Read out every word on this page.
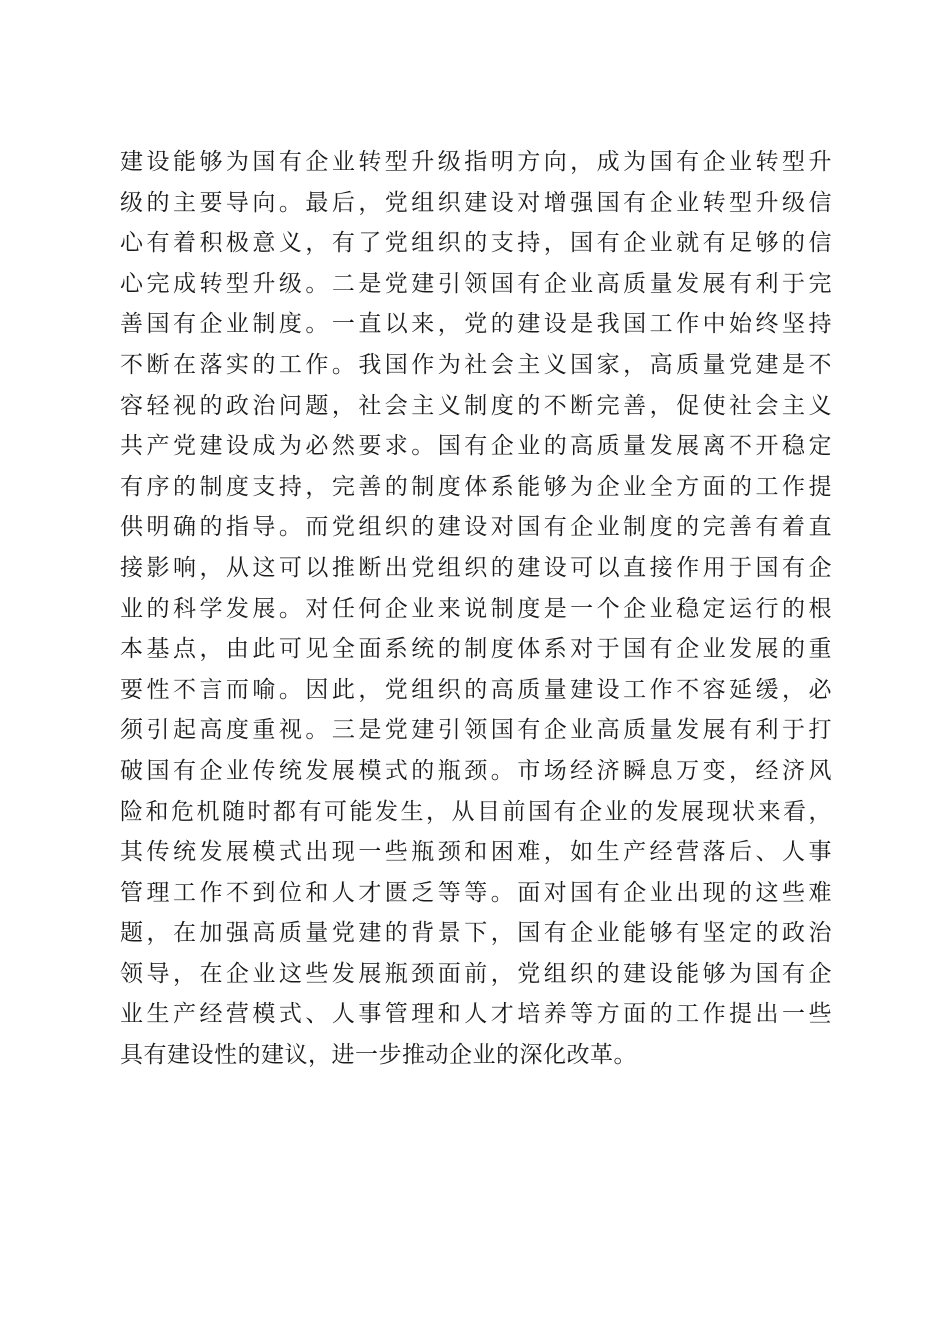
建设能够为国有企业转型升级指明方向，成为国有企业转型升
级的主要导向。最后，党组织建设对增强国有企业转型升级信
心有着积极意义，有了党组织的支持，国有企业就有足够的信
心完成转型升级。二是党建引领国有企业高质量发展有利于完
善国有企业制度。一直以来，党的建设是我国工作中始终坚持
不断在落实的工作。我国作为社会主义国家，高质量党建是不
容轻视的政治问题，社会主义制度的不断完善，促使社会主义
共产党建设成为必然要求。国有企业的高质量发展离不开稳定
有序的制度支持，完善的制度体系能够为企业全方面的工作提
供明确的指导。而党组织的建设对国有企业制度的完善有着直
接影响，从这可以推断出党组织的建设可以直接作用于国有企
业的科学发展。对任何企业来说制度是一个企业稳定运行的根
本基点，由此可见全面系统的制度体系对于国有企业发展的重
要性不言而喻。因此，党组织的高质量建设工作不容延缓，必
须引起高度重视。三是党建引领国有企业高质量发展有利于打
破国有企业传统发展模式的瓶颈。市场经济瞬息万变，经济风
险和危机随时都有可能发生，从目前国有企业的发展现状来看，
其传统发展模式出现一些瓶颈和困难，如生产经营落后、人事
管理工作不到位和人才匮乏等等。面对国有企业出现的这些难
题，在加强高质量党建的背景下，国有企业能够有坚定的政治
领导，在企业这些发展瓶颈面前，党组织的建设能够为国有企
业生产经营模式、人事管理和人才培养等方面的工作提出一些
具有建设性的建议，进一步推动企业的深化改革。
